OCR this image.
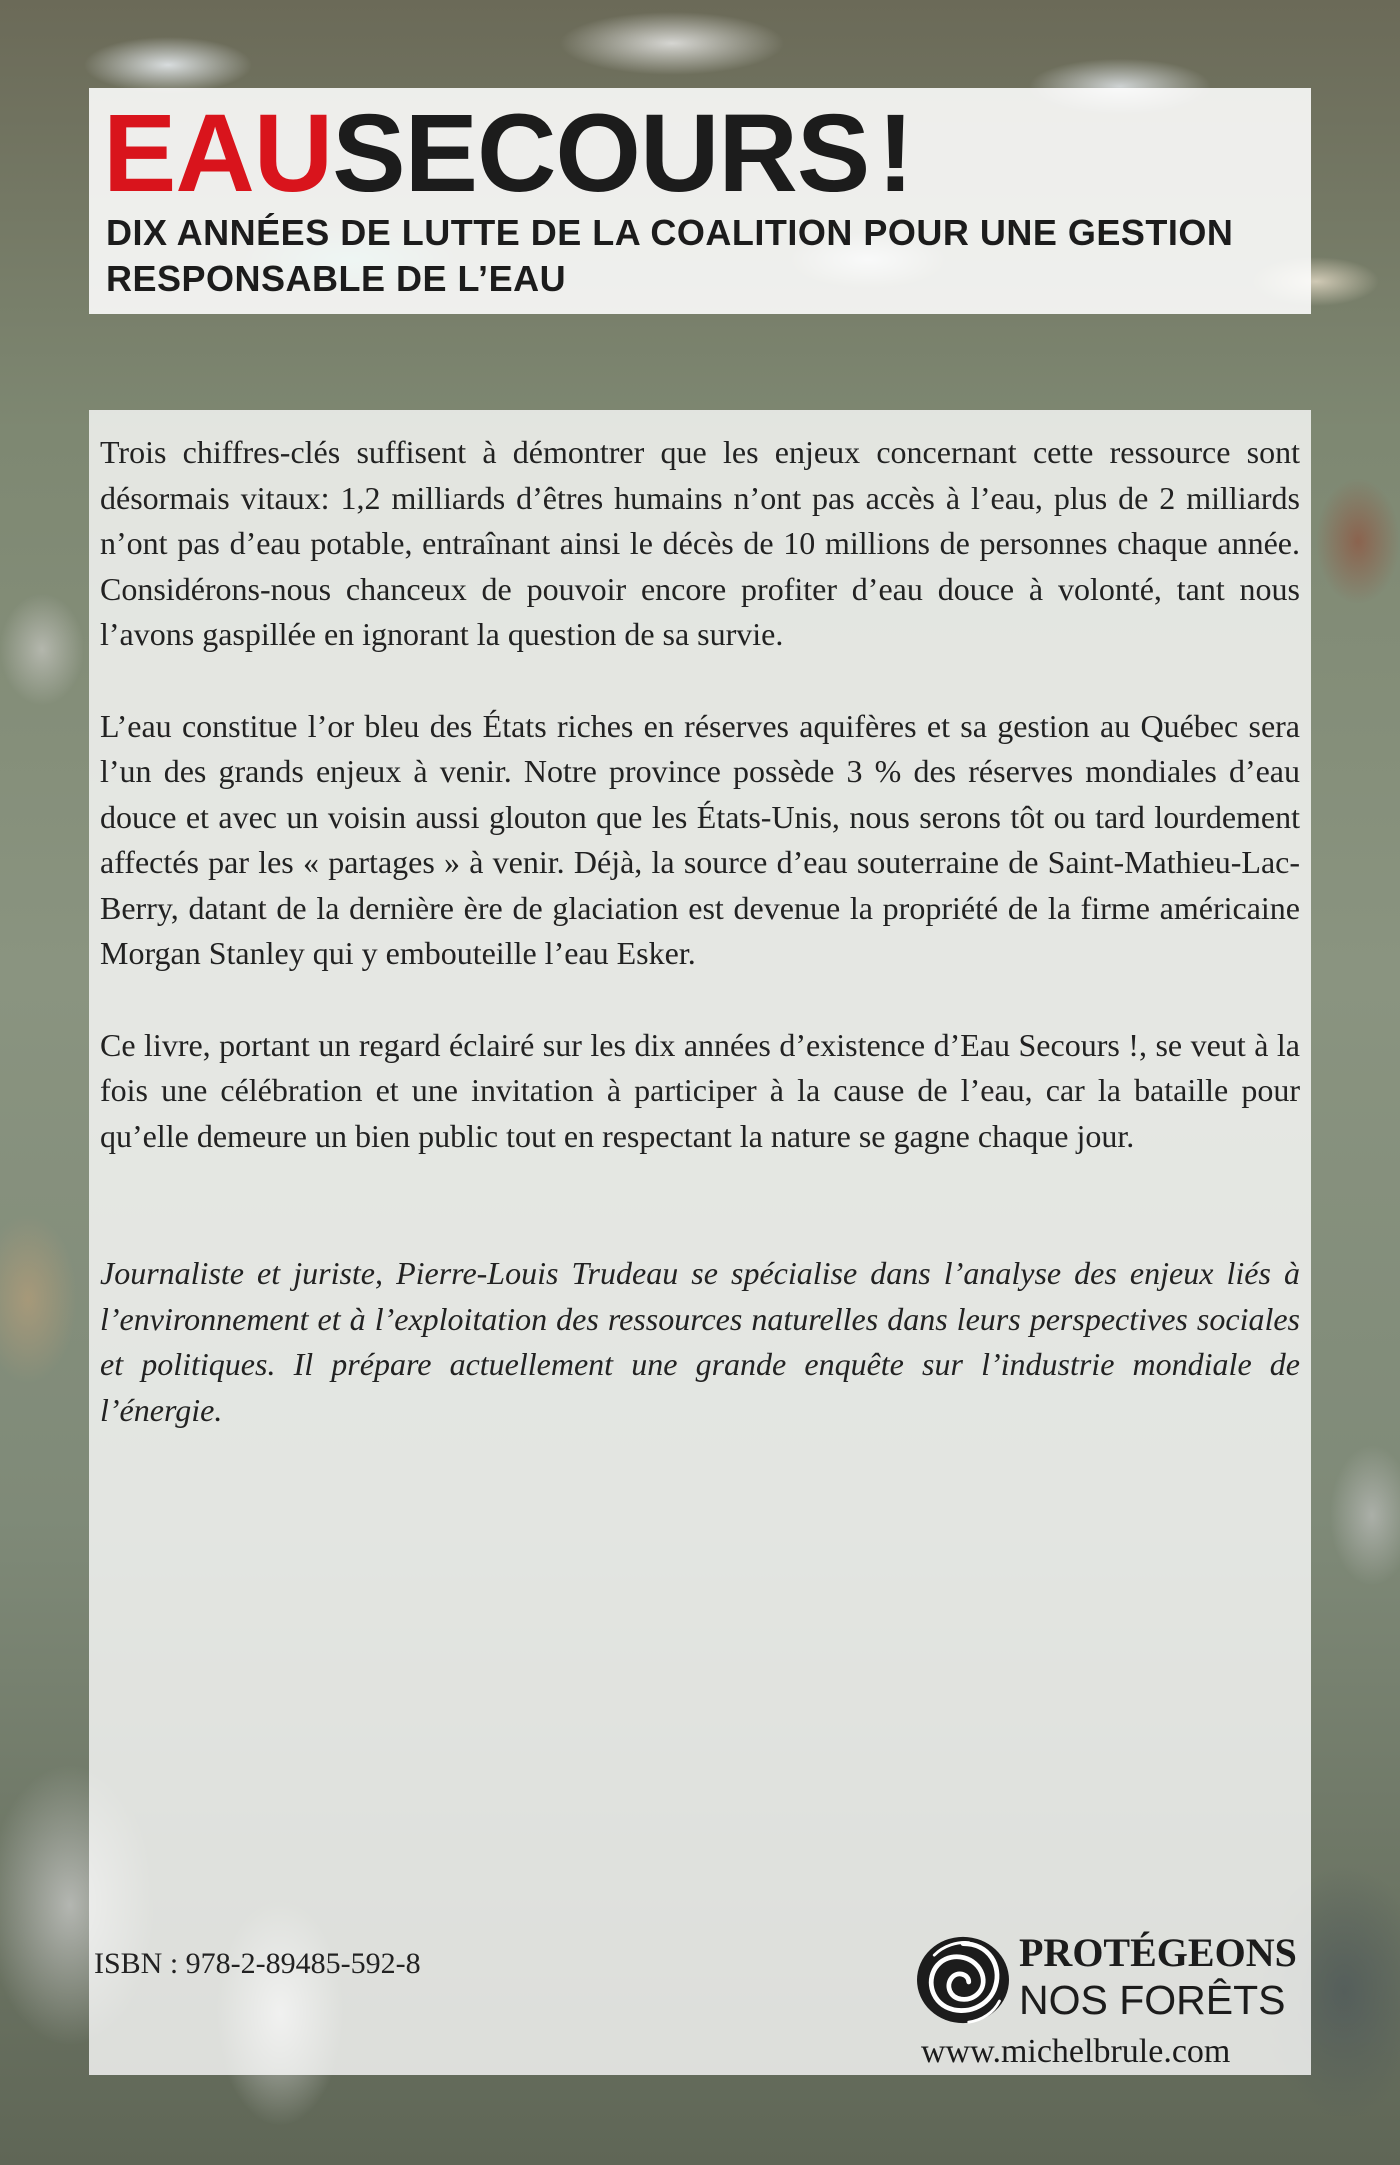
EAUSECOURS!

DIX ANNÉES DE LUTTE DE LA COALITION POUR UNE GESTION RESPONSABLE DE L’EAU

Trois chiffres-clés suffisent à démontrer que les enjeux concernant cette ressource sont désormais vitaux: 1,2 milliards d’êtres humains n’ont pas accès à l’eau, plus de 2 milliards n’ont pas d’eau potable, entraînant ainsi le décès de 10 millions de personnes chaque année. Considérons-nous chanceux de pouvoir encore profiter d’eau douce à volonté, tant nous l’avons gaspillée en ignorant la question de sa survie.

L’eau constitue l’or bleu des États riches en réserves aquifères et sa gestion au Québec sera l’un des grands enjeux à venir. Notre province possède 3 % des réserves mondiales d’eau douce et avec un voisin aussi glouton que les États-Unis, nous serons tôt ou tard lourdement affectés par les « partages » à venir. Déjà, la source d’eau souterraine de Saint-Mathieu-Lac-Berry, datant de la dernière ère de glaciation est devenue la propriété de la firme américaine Morgan Stanley qui y embouteille l’eau Esker.

Ce livre, portant un regard éclairé sur les dix années d’existence d’Eau Secours !, se veut à la fois une célébration et une invitation à participer à la cause de l’eau, car la bataille pour qu’elle demeure un bien public tout en respectant la nature se gagne chaque jour.

Journaliste et juriste, Pierre-Louis Trudeau se spécialise dans l’analyse des enjeux liés à l’environnement et à l’exploitation des ressources naturelles dans leurs perspectives sociales et politiques. Il prépare actuellement une grande enquête sur l’industrie mondiale de l’énergie.

ISBN : 978-2-89485-592-8	PROTÉGEONS
NOS FORÊTS
www.michelbrule.com
